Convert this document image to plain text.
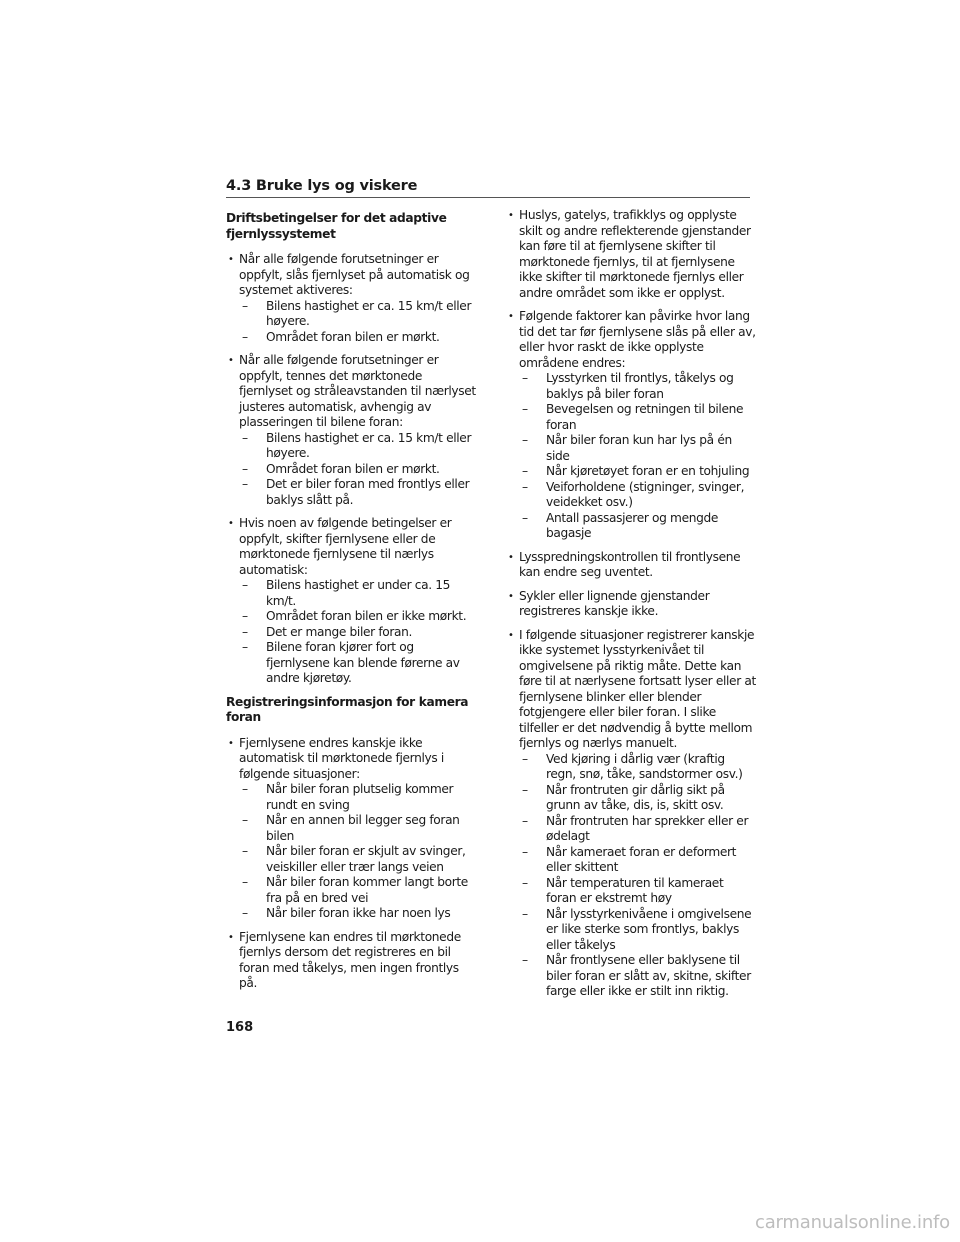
4.3 Bruke lys og viskere
Driftsbetingelser for det adaptive fjernlyssystemet
• Når alle følgende forutsetninger er oppfylt, slås fjernlyset på automatisk og systemet aktiveres:
– Bilens hastighet er ca. 15 km/t eller høyere.
– Området foran bilen er mørkt.
• Når alle følgende forutsetninger er oppfylt, tennes det mørktonede fjernlyset og stråleavstanden til nærlyset justeres automatisk, avhengig av plasseringen til bilene foran:
– Bilens hastighet er ca. 15 km/t eller høyere.
– Området foran bilen er mørkt.
– Det er biler foran med frontlys eller baklys slått på.
• Hvis noen av følgende betingelser er oppfylt, skifter fjernlysene eller de mørktonede fjernlysene til nærlys automatisk:
– Bilens hastighet er under ca. 15 km/t.
– Området foran bilen er ikke mørkt.
– Det er mange biler foran.
– Bilene foran kjører fort og fjernlysene kan blende førerne av andre kjøretøy.
Registreringsinformasjon for kamera foran
• Fjernlysene endres kanskje ikke automatisk til mørktonede fjernlys i følgende situasjoner:
– Når biler foran plutselig kommer rundt en sving
– Når en annen bil legger seg foran bilen
– Når biler foran er skjult av svinger, veiskiller eller trær langs veien
– Når biler foran kommer langt borte fra på en bred vei
– Når biler foran ikke har noen lys
• Fjernlysene kan endres til mørktonede fjernlys dersom det registreres en bil foran med tåkelys, men ingen frontlys på.
• Huslys, gatelys, trafikklys og opplyste skilt og andre reflekterende gjenstander kan føre til at fjernlysene skifter til mørktonede fjernlys, til at fjernlysene ikke skifter til mørktonede fjernlys eller andre området som ikke er opplyst.
• Følgende faktorer kan påvirke hvor lang tid det tar før fjernlysene slås på eller av, eller hvor raskt de ikke opplyste områdene endres:
– Lysstyrken til frontlys, tåkelys og baklys på biler foran
– Bevegelsen og retningen til bilene foran
– Når biler foran kun har lys på én side
– Når kjøretøyet foran er en tohjuling
– Veiforholdene (stigninger, svinger, veidekket osv.)
– Antall passasjerer og mengde bagasje
• Lysspredningskontrollen til frontlysene kan endre seg uventet.
• Sykler eller lignende gjenstander registreres kanskje ikke.
• I følgende situasjoner registrerer kanskje ikke systemet lysstyrkenivået til omgivelsene på riktig måte. Dette kan føre til at nærlysene fortsatt lyser eller at fjernlysene blinker eller blender fotgjengere eller biler foran. I slike tilfeller er det nødvendig å bytte mellom fjernlys og nærlys manuelt.
– Ved kjøring i dårlig vær (kraftig regn, snø, tåke, sandstormer osv.)
– Når frontruten gir dårlig sikt på grunn av tåke, dis, is, skitt osv.
– Når frontruten har sprekker eller er ødelagt
– Når kameraet foran er deformert eller skittent
– Når temperaturen til kameraet foran er ekstremt høy
– Når lysstyrkenivåene i omgivelsene er like sterke som frontlys, baklys eller tåkelys
– Når frontlysene eller baklysene til biler foran er slått av, skitne, skifter farge eller ikke er stilt inn riktig.
168
carmanualsonline.info
